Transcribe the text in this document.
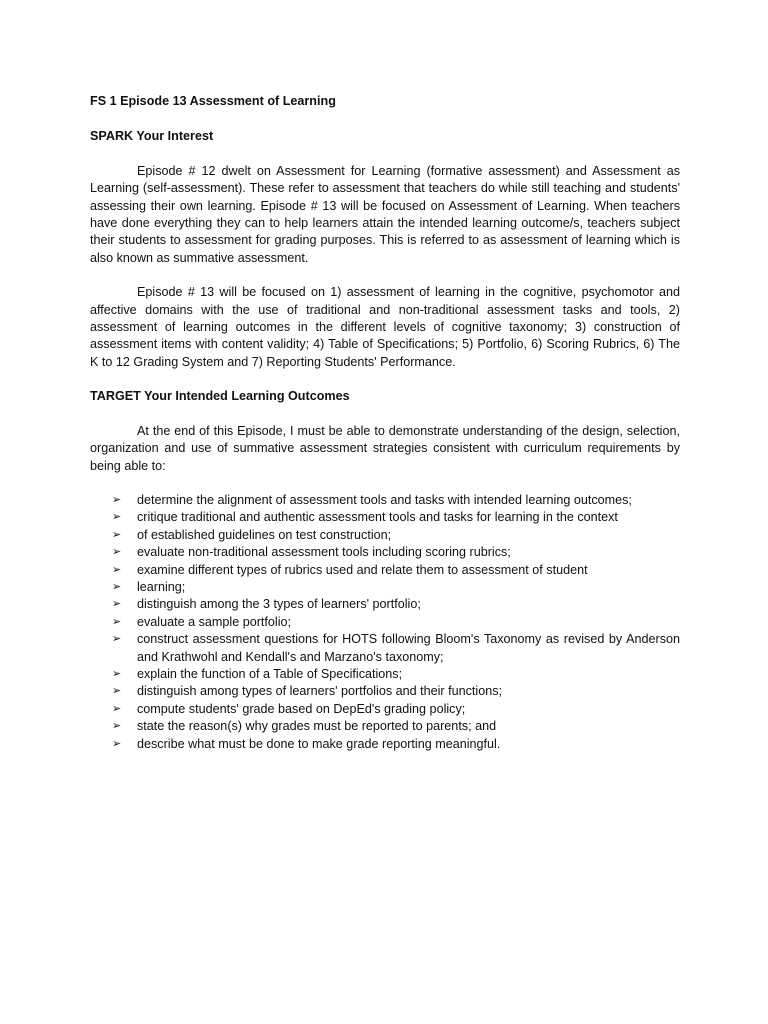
FS 1 Episode 13 Assessment of Learning

SPARK Your Interest

Episode # 12 dwelt on Assessment for Learning (formative assessment) and Assessment as Learning (self-assessment). These refer to assessment that teachers do while still teaching and students' assessing their own learning. Episode # 13 will be focused on Assessment of Learning. When teachers have done everything they can to help learners attain the intended learning outcome/s, teachers subject their students to assessment for grading purposes. This is referred to as assessment of learning which is also known as summative assessment.

Episode # 13 will be focused on 1) assessment of learning in the cognitive, psychomotor and affective domains with the use of traditional and non-traditional assessment tasks and tools, 2) assessment of learning outcomes in the different levels of cognitive taxonomy; 3) construction of assessment items with content validity; 4) Table of Specifications; 5) Portfolio, 6) Scoring Rubrics, 6) The K to 12 Grading System and 7) Reporting Students' Performance.

TARGET Your Intended Learning Outcomes

At the end of this Episode, I must be able to demonstrate understanding of the design, selection, organization and use of summative assessment strategies consistent with curriculum requirements by being able to:

➢	determine the alignment of assessment tools and tasks with intended learning outcomes;
➢	critique traditional and authentic assessment tools and tasks for learning in the context
➢	of established guidelines on test construction;
➢	evaluate non-traditional assessment tools including scoring rubrics;
➢	examine different types of rubrics used and relate them to assessment of student
➢	learning;
➢	distinguish among the 3 types of learners' portfolio;
➢	evaluate a sample portfolio;
➢	construct assessment questions for HOTS following Bloom's Taxonomy as revised by Anderson and Krathwohl and Kendall's and Marzano's taxonomy;
➢	explain the function of a Table of Specifications;
➢	distinguish among types of learners' portfolios and their functions;
➢	compute students' grade based on DepEd's grading policy;
➢	state the reason(s) why grades must be reported to parents; and
➢	describe what must be done to make grade reporting meaningful.
